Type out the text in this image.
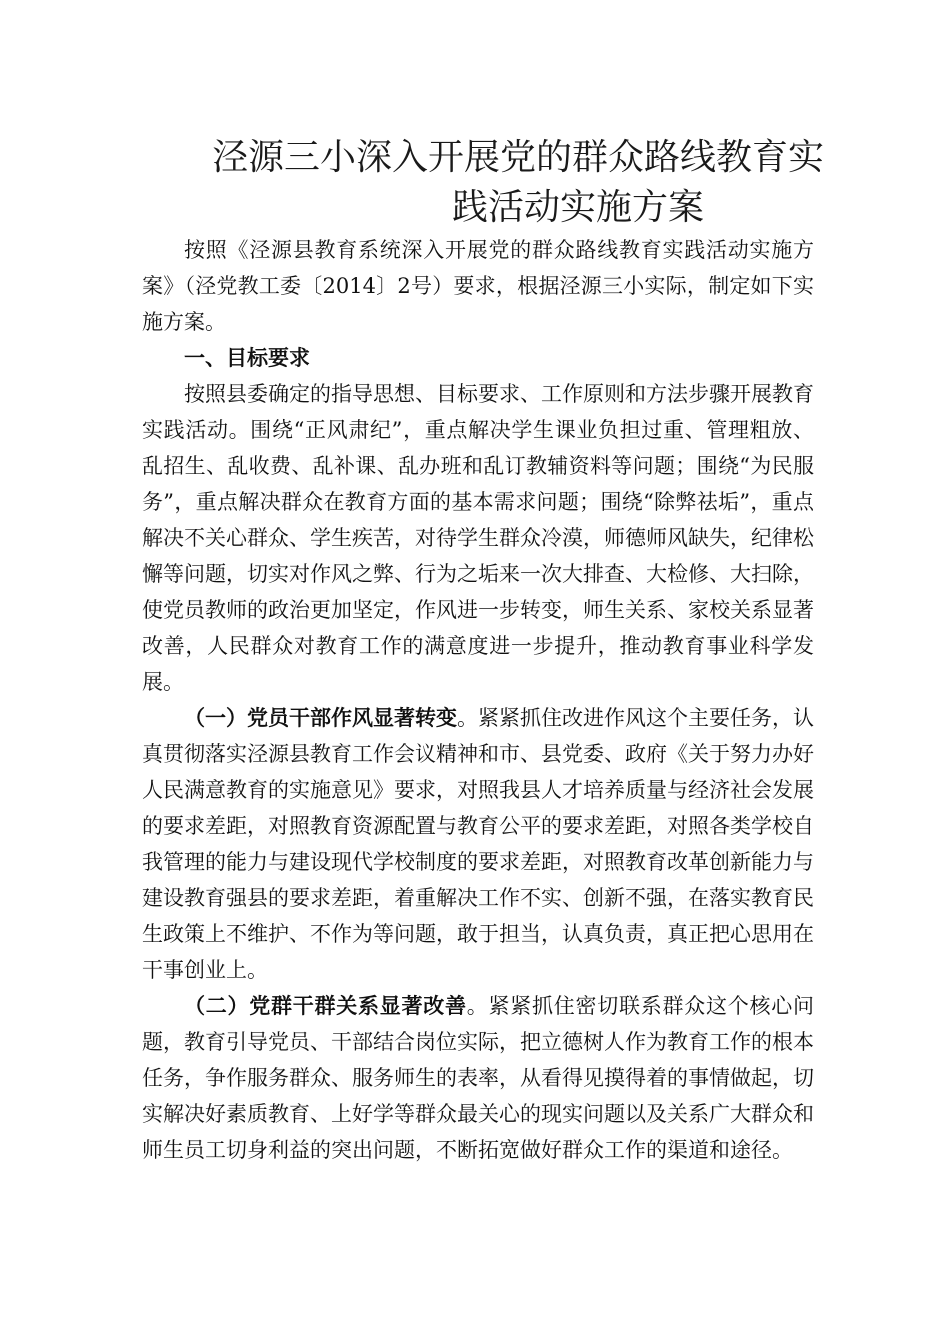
泾源三小深入开展党的群众路线教育实
践活动实施方案

按照《泾源县教育系统深入开展党的群众路线教育实践活动实施方案》（泾党教工委〔2014〕2号）要求，根据泾源三小实际，制定如下实施方案。

一、目标要求

按照县委确定的指导思想、目标要求、工作原则和方法步骤开展教育实践活动。围绕“正风肃纪”，重点解决学生课业负担过重、管理粗放、乱招生、乱收费、乱补课、乱办班和乱订教辅资料等问题；围绕“为民服务”，重点解决群众在教育方面的基本需求问题；围绕“除弊祛垢”，重点解决不关心群众、学生疾苦，对待学生群众冷漠，师德师风缺失，纪律松懈等问题，切实对作风之弊、行为之垢来一次大排查、大检修、大扫除，使党员教师的政治更加坚定，作风进一步转变，师生关系、家校关系显著改善，人民群众对教育工作的满意度进一步提升，推动教育事业科学发展。

（一）党员干部作风显著转变。紧紧抓住改进作风这个主要任务，认真贯彻落实泾源县教育工作会议精神和市、县党委、政府《关于努力办好人民满意教育的实施意见》要求，对照我县人才培养质量与经济社会发展的要求差距，对照教育资源配置与教育公平的要求差距，对照各类学校自我管理的能力与建设现代学校制度的要求差距，对照教育改革创新能力与建设教育强县的要求差距，着重解决工作不实、创新不强，在落实教育民生政策上不维护、不作为等问题，敢于担当，认真负责，真正把心思用在干事创业上。

（二）党群干群关系显著改善。紧紧抓住密切联系群众这个核心问题，教育引导党员、干部结合岗位实际，把立德树人作为教育工作的根本任务，争作服务群众、服务师生的表率，从看得见摸得着的事情做起，切实解决好素质教育、上好学等群众最关心的现实问题以及关系广大群众和师生员工切身利益的突出问题，不断拓宽做好群众工作的渠道和途径。
